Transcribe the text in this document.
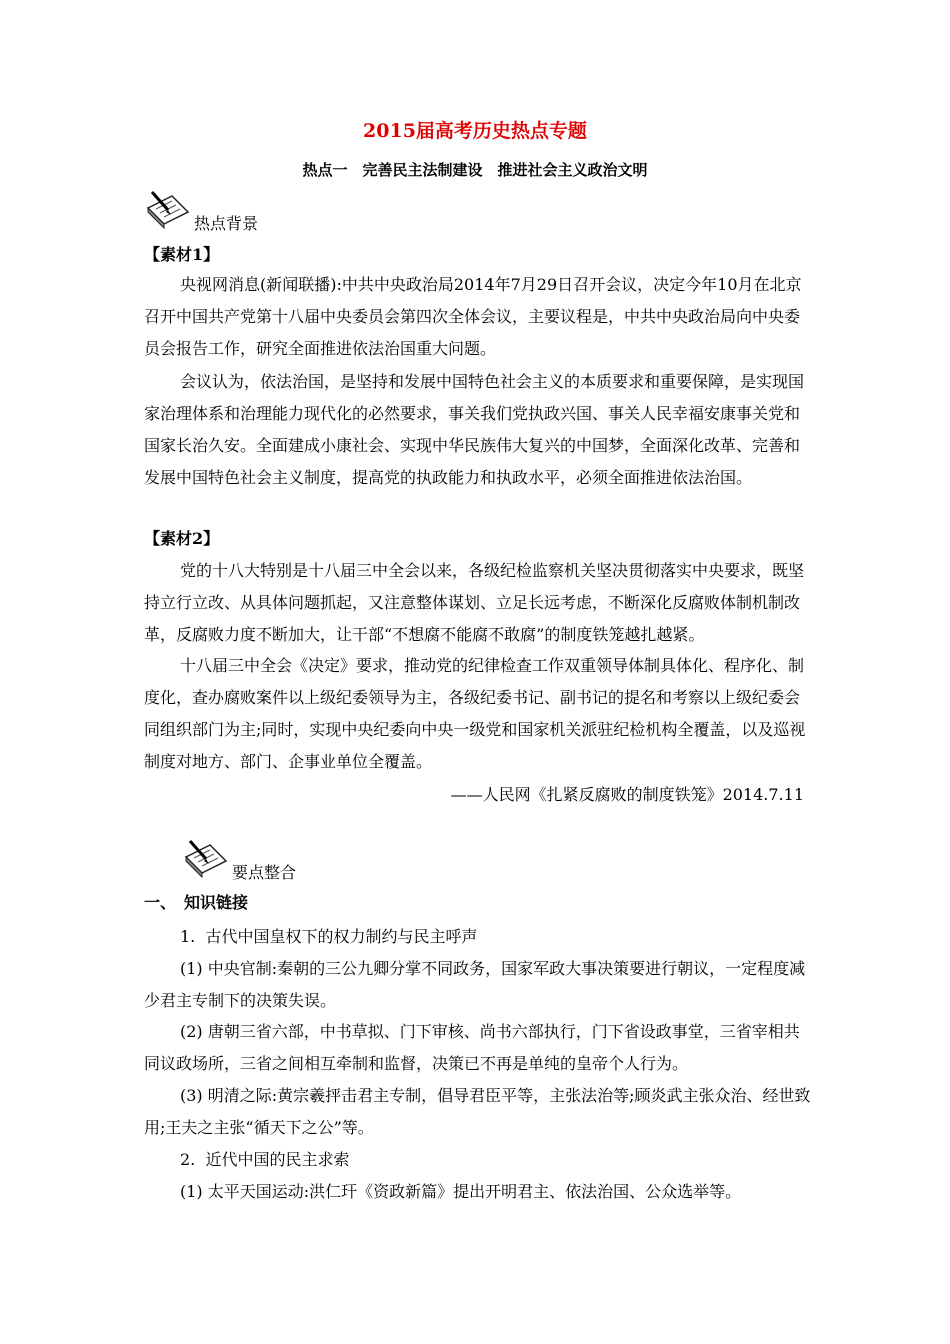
2015届高考历史热点专题
热点一　完善民主法制建设　推进社会主义政治文明
热点背景
【素材1】
央视网消息(新闻联播):中共中央政治局2014年7月29日召开会议，决定今年10月在北京召开中国共产党第十八届中央委员会第四次全体会议，主要议程是，中共中央政治局向中央委员会报告工作，研究全面推进依法治国重大问题。
会议认为，依法治国，是坚持和发展中国特色社会主义的本质要求和重要保障，是实现国家治理体系和治理能力现代化的必然要求，事关我们党执政兴国、事关人民幸福安康事关党和国家长治久安。全面建成小康社会、实现中华民族伟大复兴的中国梦，全面深化改革、完善和发展中国特色社会主义制度，提高党的执政能力和执政水平，必须全面推进依法治国。
【素材2】
党的十八大特别是十八届三中全会以来，各级纪检监察机关坚决贯彻落实中央要求，既坚持立行立改、从具体问题抓起，又注意整体谋划、立足长远考虑，不断深化反腐败体制机制改革，反腐败力度不断加大，让干部“不想腐不能腐不敢腐”的制度铁笼越扎越紧。
十八届三中全会《决定》要求，推动党的纪律检查工作双重领导体制具体化、程序化、制度化，查办腐败案件以上级纪委领导为主，各级纪委书记、副书记的提名和考察以上级纪委会同组织部门为主;同时，实现中央纪委向中央一级党和国家机关派驻纪检机构全覆盖，以及巡视制度对地方、部门、企事业单位全覆盖。
——人民网《扎紧反腐败的制度铁笼》2014.7.11
要点整合
一、　知识链接
1.  古代中国皇权下的权力制约与民主呼声
(1) 中央官制:秦朝的三公九卿分掌不同政务，国家军政大事决策要进行朝议，一定程度减少君主专制下的决策失误。
(2) 唐朝三省六部，中书草拟、门下审核、尚书六部执行，门下省设政事堂，三省宰相共同议政场所，三省之间相互牵制和监督，决策已不再是单纯的皇帝个人行为。
(3) 明清之际:黄宗羲抨击君主专制，倡导君臣平等，主张法治等;顾炎武主张众治、经世致用;王夫之主张“循天下之公”等。
2.  近代中国的民主求索
(1) 太平天国运动:洪仁玕《资政新篇》提出开明君主、依法治国、公众选举等。
